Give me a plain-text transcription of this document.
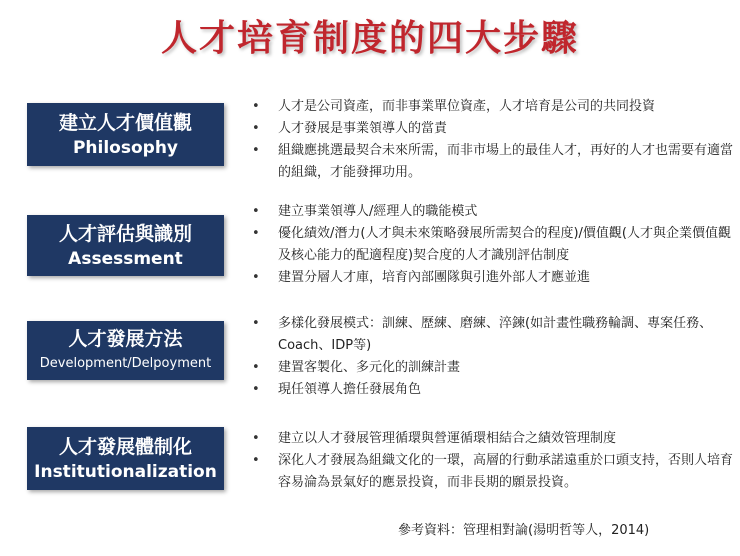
人才培育制度的四大步驟
建立人才價值觀
Philosophy
• 人才是公司資產，而非事業單位資產，人才培育是公司的共同投資
• 人才發展是事業領導人的當責
• 組織應挑選最契合未來所需，而非市場上的最佳人才，再好的人才也需要有適當的組織，才能發揮功用。
人才評估與識別
Assessment
• 建立事業領導人/經理人的職能模式
• 優化績效/潛力(人才與未來策略發展所需契合的程度)/價值觀(人才與企業價值觀及核心能力的配適程度)契合度的人才識別評估制度
• 建置分層人才庫，培育內部團隊與引進外部人才應並進
人才發展方法
Development/Delpoyment
• 多樣化發展模式：訓練、歷練、磨練、淬鍊(如計畫性職務輪調、專案任務、Coach、IDP等)
• 建置客製化、多元化的訓練計畫
• 現任領導人擔任發展角色
人才發展體制化
Institutionalization
• 建立以人才發展管理循環與營運循環相結合之績效管理制度
• 深化人才發展為組織文化的一環，高層的行動承諾遠重於口頭支持，否則人培育容易淪為景氣好的應景投資，而非長期的願景投資。
參考資料：管理相對論(湯明哲等人，2014)
